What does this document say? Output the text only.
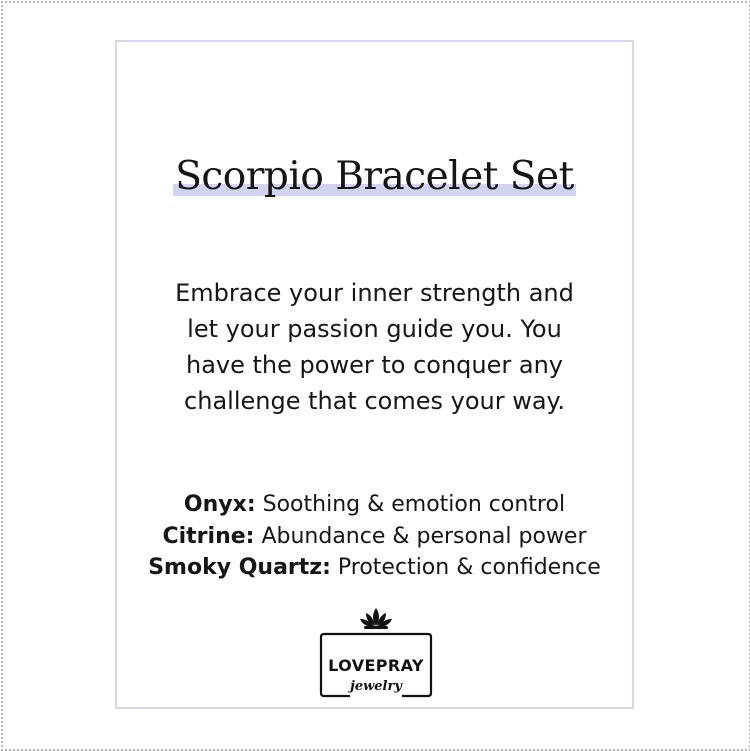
Scorpio Bracelet Set
Embrace your inner strength and
let your passion guide you. You
have the power to conquer any
challenge that comes your way.
Onyx: Soothing & emotion control
Citrine: Abundance & personal power
Smoky Quartz: Protection & confidence
LOVEPRAY
jewelry
